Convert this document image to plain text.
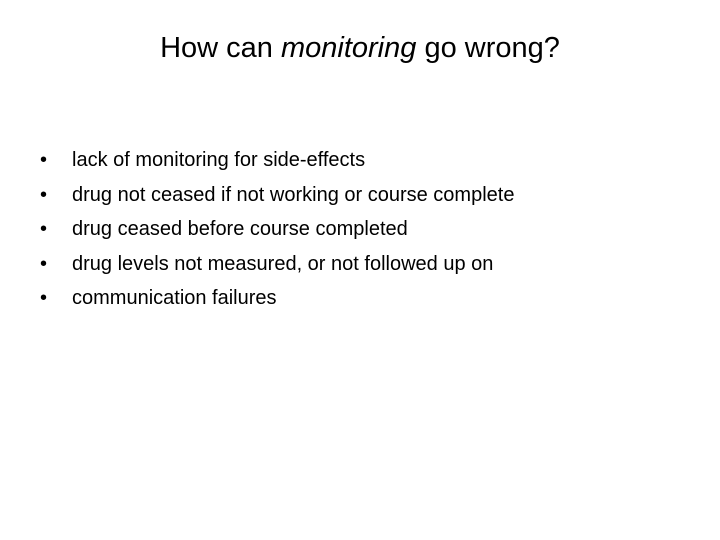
How can monitoring go wrong?
• lack of monitoring for side-effects
• drug not ceased if not working or course complete
• drug ceased before course completed
• drug levels not measured, or not followed up on
• communication failures
